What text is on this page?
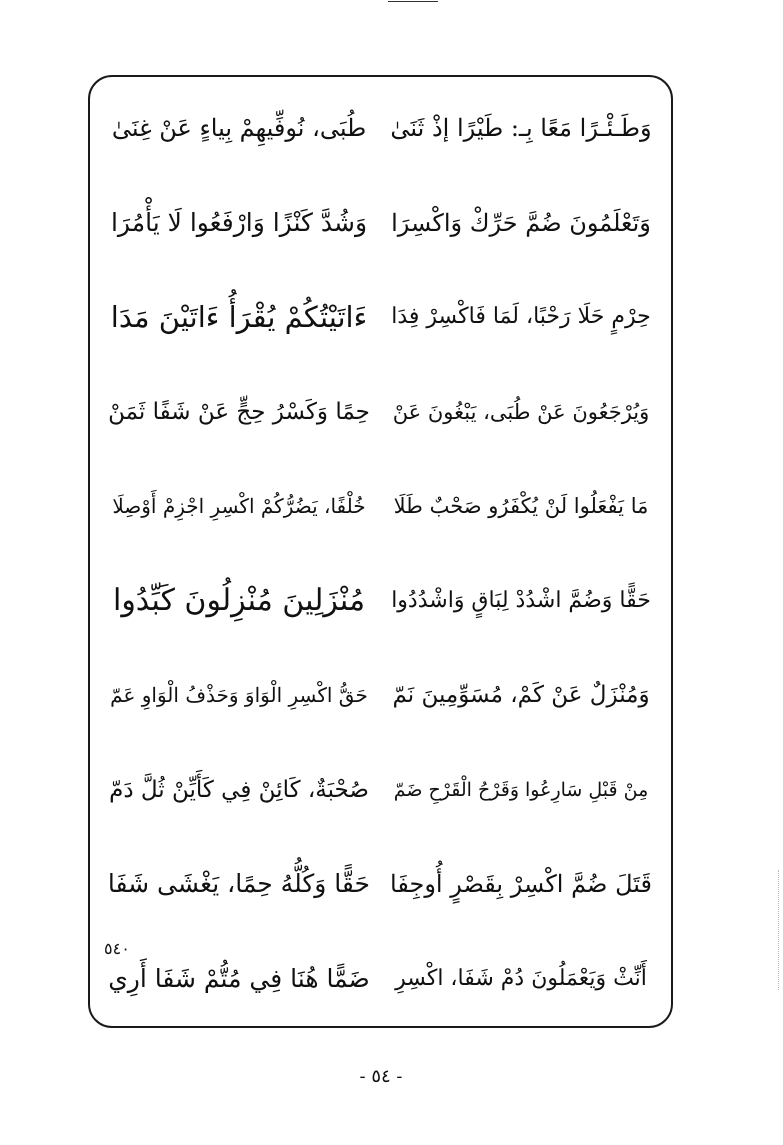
وَطَـئْـرًا مَعًا بِـ: طَيْرًا إذْ ثَنَىٰ
طُبَى، نُوفِّيهِمْ بِياءٍ عَنْ غِنَىٰ
وَتَعْلَمُونَ ضُمَّ حَرِّكْ وَاكْسِرَا
وَشُدَّ كَنْزًا وَارْفَعُوا لَا يَأْمُرَا
حِرْمٍ حَلَا رَحْبًا، لَمَا فَاكْسِرْ فِدَا
ءَاتَيْتُكُمْ يُقْرَأُ ءَاتَيْنَ مَدَا
وَيُرْجَعُونَ عَنْ طُبَى، يَبْغُونَ عَنْ
حِمًا وَكَسْرُ حِجٍّ عَنْ شَفًا ثَمَنْ
مَا يَفْعَلُوا لَنْ يُكْفَرُو صَحْبٌ طَلَا
خُلْفًا، يَضُرُّكُمْ اكْسِرِ اجْزِمْ أَوْصِلَا
حَقًّا وَضُمَّ اشْدُدْ لِبَاقٍ وَاشْدُدُوا
مُنْزَلِينَ مُنْزِلُونَ كَبِّدُوا
وَمُنْزَلٌ عَنْ كَمْ، مُسَوِّمِينَ نَمّ
حَقُّ اكْسِرِ الْوَاوَ وَحَذْفُ الْوَاوِ عَمّ
مِنْ قَبْلِ سَارِعُوا وَقَرْحُ الْقَرْحِ ضَمّ
صُحْبَةٌ، كَائِنْ فِي كَأَيِّنْ ثُلَّ دَمّ
قَتَلَ ضُمَّ اكْسِرْ بِقَصْرٍ أُوجِفَا
حَقًّا وَكُلُّهُ حِمًا، يَغْشَى شَفَا
أَنِّثْ وَيَعْمَلُونَ دُمْ شَفَا، اكْسِرِ
ضَمًّا هُنَا فِي مُتُّمْ شَفَا أَرِي
٥٤٠
- ٥٤ -
